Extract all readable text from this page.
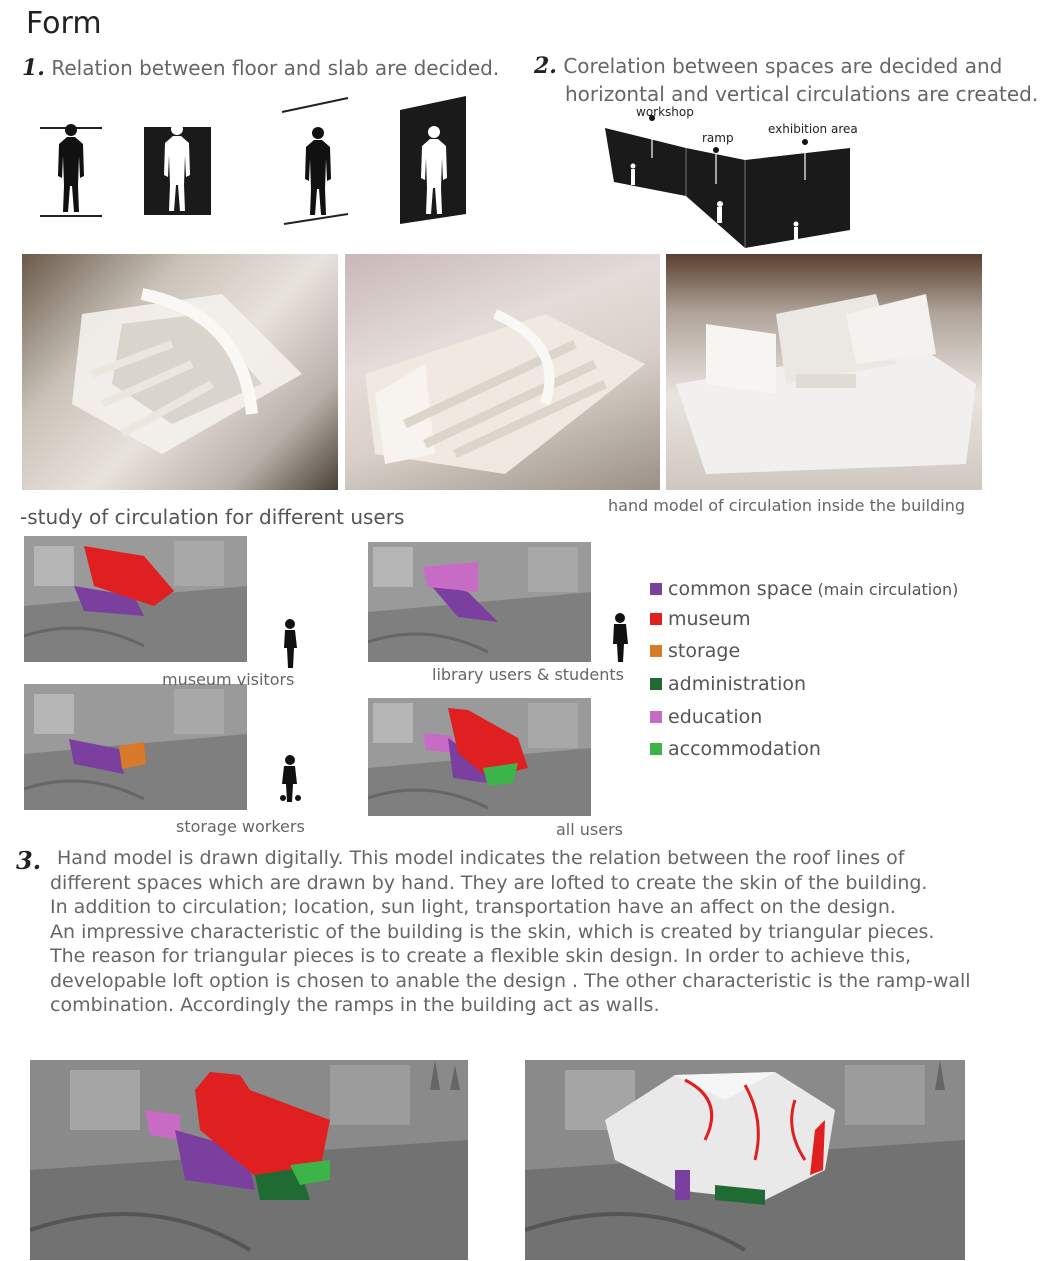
Form
1. Relation between floor and slab are decided. 2. Corelation between spaces are decided and
horizontal and vertical circulations are created.
workshop
ramp
exhibition area
hand model of circulation inside the building
-study of circulation for different users
museum visitors	library users & students
storage workers	all users
common space (main circulation)
museum
storage
administration
education
accommodation
3. Hand model is drawn digitally. This model indicates the relation between the roof lines of
different spaces which are drawn by hand. They are lofted to create the skin of the building.
In addition to circulation; location, sun light, transportation have an affect on the design.
An impressive characteristic of the building is the skin, which is created by triangular pieces.
The reason for triangular pieces is to create a flexible skin design. In order to achieve this,
developable loft option is chosen to anable the design . The other characteristic is the ramp-wall
combination. Accordingly the ramps in the building act as walls.
